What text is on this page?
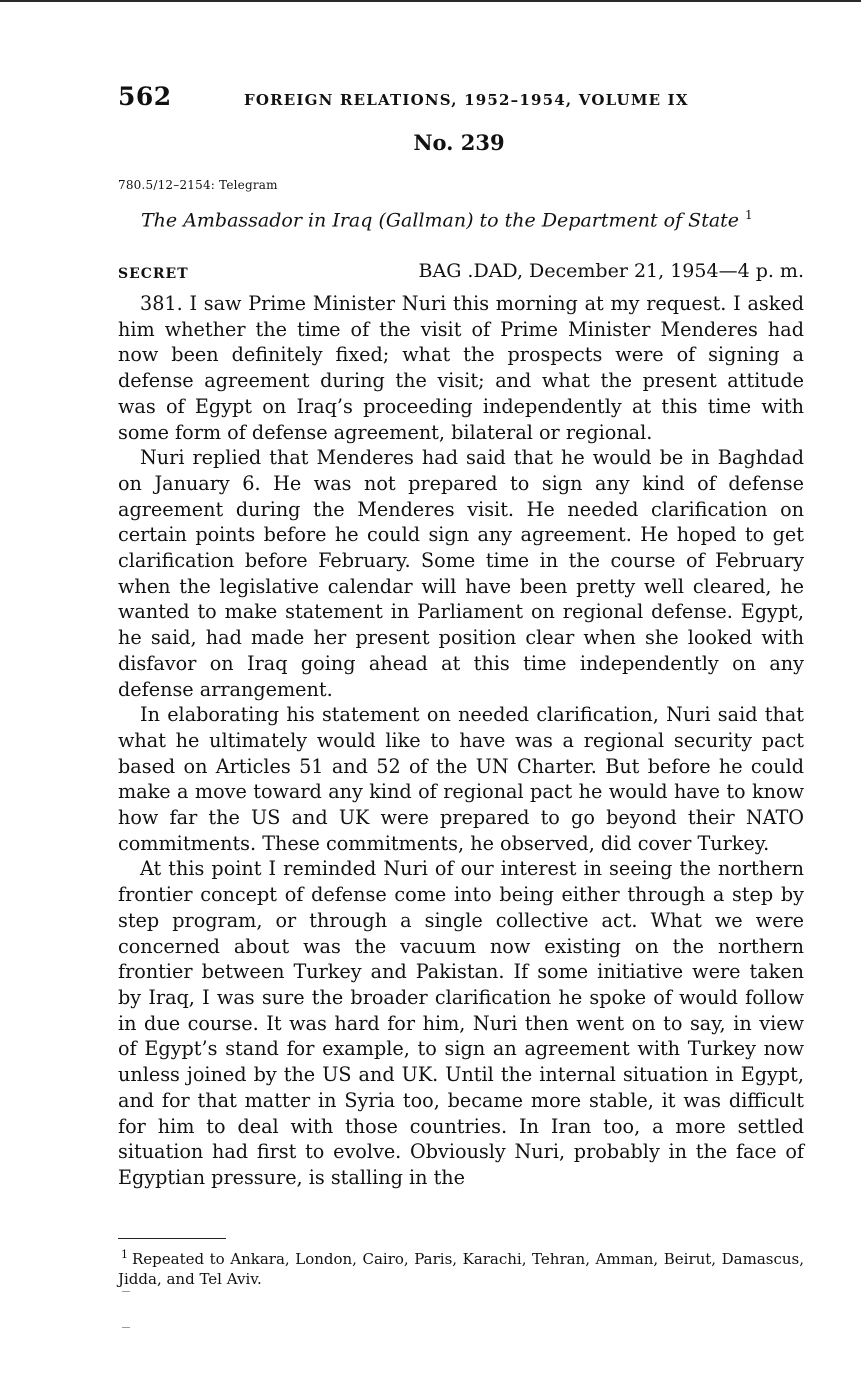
562	FOREIGN RELATIONS, 1952–1954, VOLUME IX
No. 239
780.5/12–2154: Telegram
The Ambassador in Iraq (Gallman) to the Department of State $^1$
SECRET	BAG .DAD, December 21, 1954—4 p. m.

381. I saw Prime Minister Nuri this morning at my request. I asked him whether the time of the visit of Prime Minister Menderes had now been definitely fixed; what the prospects were of signing a defense agreement during the visit; and what the present attitude was of Egypt on Iraq’s proceeding independently at this time with some form of defense agreement, bilateral or regional.

Nuri replied that Menderes had said that he would be in Baghdad on January 6. He was not prepared to sign any kind of defense agreement during the Menderes visit. He needed clarification on certain points before he could sign any agreement. He hoped to get clarification before February. Some time in the course of February when the legislative calendar will have been pretty well cleared, he wanted to make statement in Parliament on regional defense. Egypt, he said, had made her present position clear when she looked with disfavor on Iraq going ahead at this time independently on any defense arrangement.

In elaborating his statement on needed clarification, Nuri said that what he ultimately would like to have was a regional security pact based on Articles 51 and 52 of the UN Charter. But before he could make a move toward any kind of regional pact he would have to know how far the US and UK were prepared to go beyond their NATO commitments. These commitments, he observed, did cover Turkey.

At this point I reminded Nuri of our interest in seeing the northern frontier concept of defense come into being either through a step by step program, or through a single collective act. What we were concerned about was the vacuum now existing on the northern frontier between Turkey and Pakistan. If some initiative were taken by Iraq, I was sure the broader clarification he spoke of would follow in due course. It was hard for him, Nuri then went on to say, in view of Egypt’s stand for example, to sign an agreement with Turkey now unless joined by the US and UK. Until the internal situation in Egypt, and for that matter in Syria too, became more stable, it was difficult for him to deal with those countries. In Iran too, a more settled situation had first to evolve. Obviously Nuri, probably in the face of Egyptian pressure, is stalling in the

$^1$ Repeated to Ankara, London, Cairo, Paris, Karachi, Tehran, Amman, Beirut, Damascus, Jidda, and Tel Aviv.
